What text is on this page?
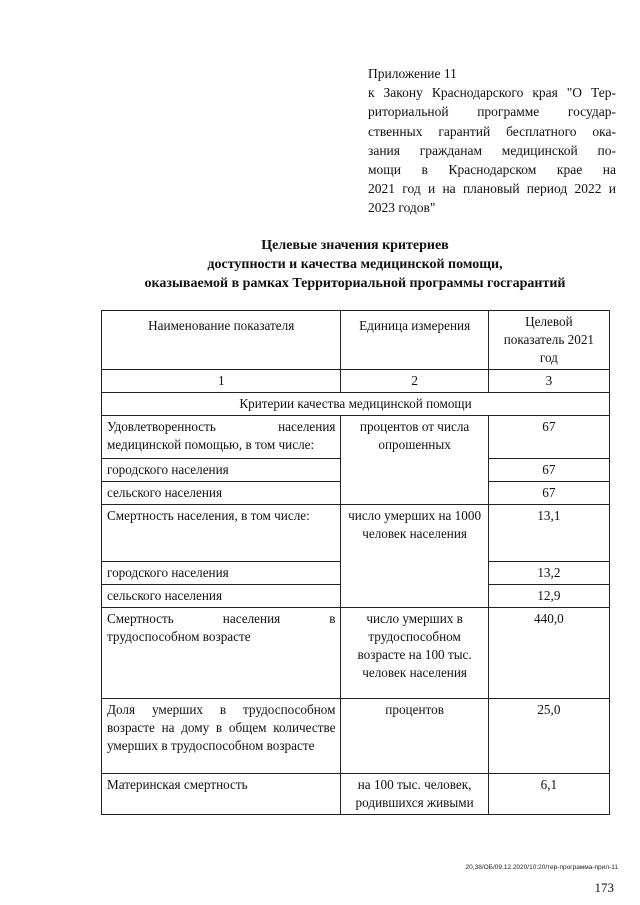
Приложение 11
к Закону Краснодарского края "О Тер-
риториальной программе государ-
ственных гарантий бесплатного ока-
зания гражданам медицинской по-
мощи в Краснодарском крае на
2021 год и на плановый период 2022 и
2023 годов"
Целевые значения критериев
доступности и качества медицинской помощи,
оказываемой в рамках Территориальной программы госгарантий
Наименование показателя	Единица измерения	Целевой показатель 2021 год
1	2	3
Критерии качества медицинской помощи		
Удовлетворенность населения медицинской помощью, в том числе:	процентов от числа опрошенных	67
городского населения		67
сельского населения		67
Смертность населения, в том числе:	число умерших на 1000 человек населения	13,1
городского населения		13,2
сельского населения		12,9
Смертность населения в трудоспособном возрасте	число умерших в трудоспособном возрасте на 100 тыс. человек населения	440,0
Доля умерших в трудоспособном возрасте на дому в общем количестве умерших в трудоспособном возрасте	процентов	25,0
Материнская смертность	на 100 тыс. человек, родившихся живыми	6,1
20,38/ОБ/09.12.2020/10:20/тер-программа-прил-11
173
